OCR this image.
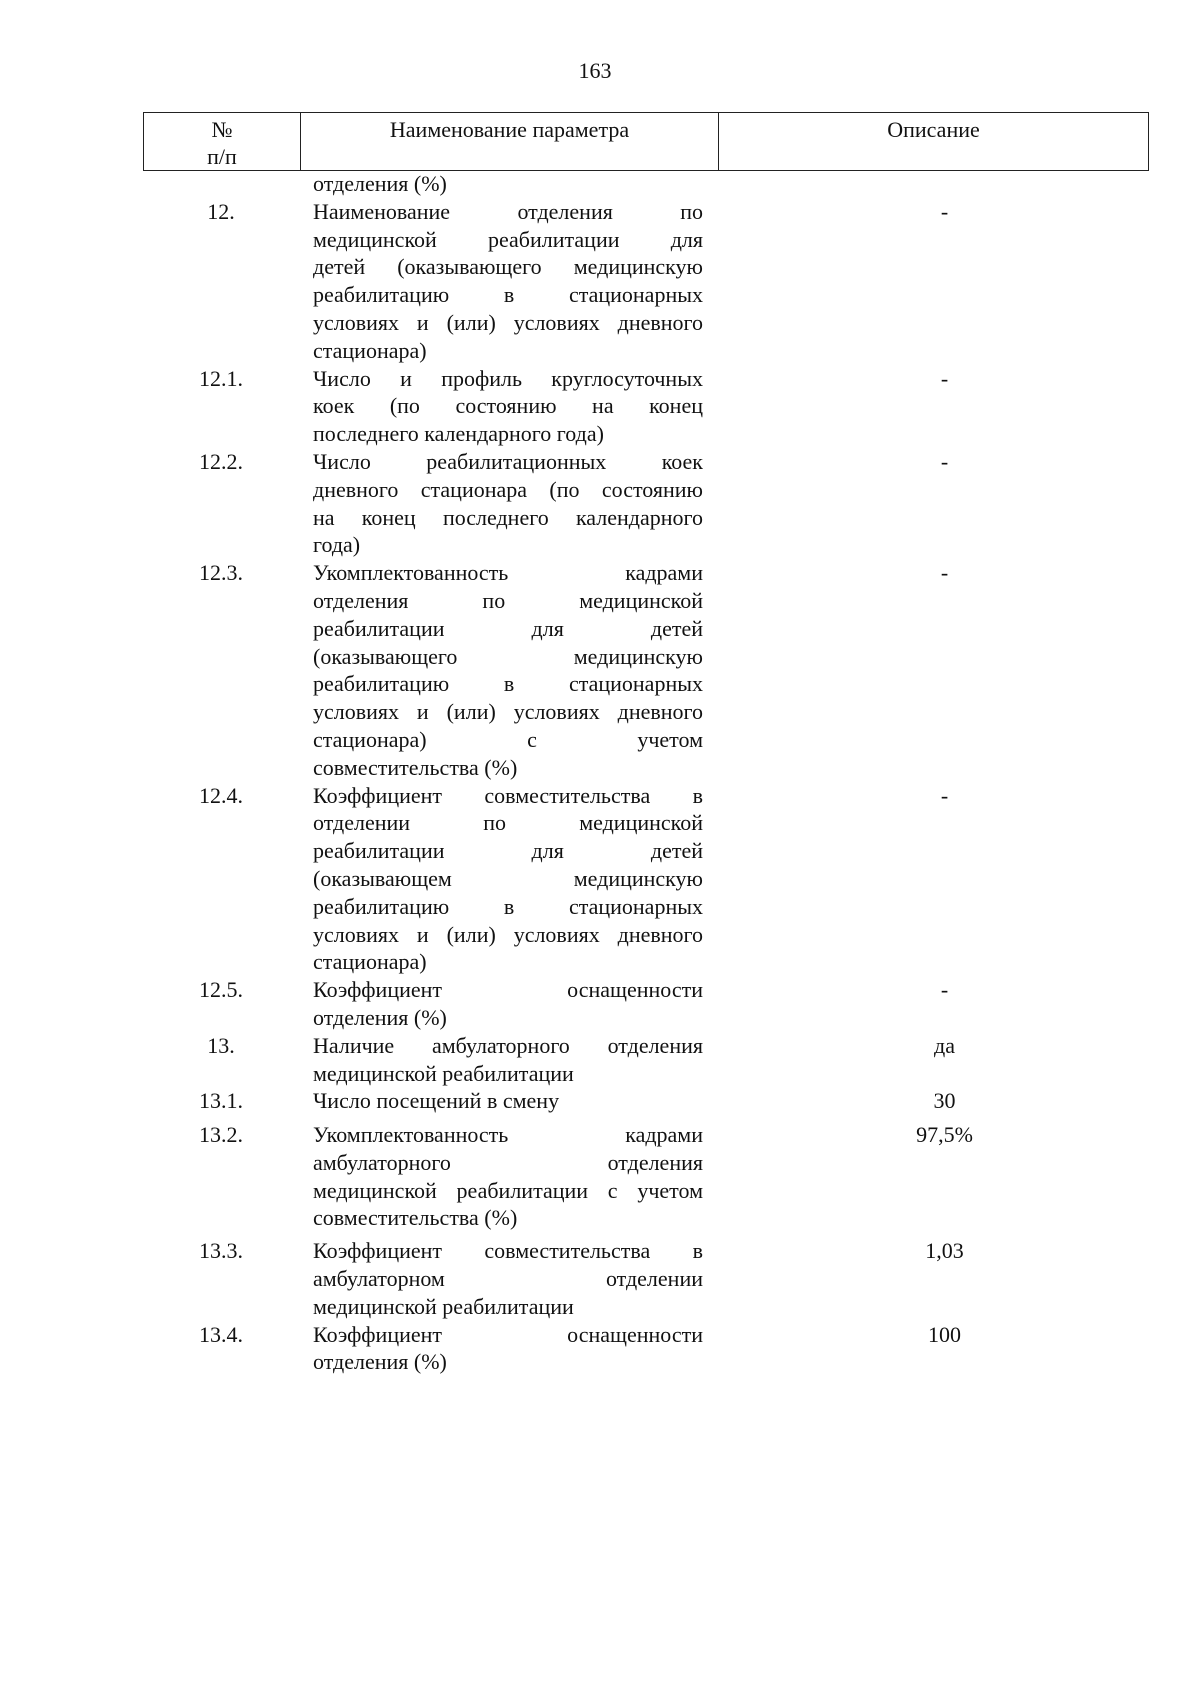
163
№
п/п

Наименование параметра	Описание
отделения (%)
12.	Наименование отделения по
медицинской реабилитации для
детей (оказывающего медицинскую
реабилитацию в стационарных
условиях и (или) условиях дневного
стационара)
-
12.1.	Число и профиль круглосуточных
коек (по состоянию на конец
последнего календарного года)
-
12.2.	Число реабилитационных коек
дневного стационара (по состоянию
на конец последнего календарного
года)
-
12.3.	Укомплектованность кадрами
отделения по медицинской
реабилитации для детей
(оказывающего медицинскую
реабилитацию в стационарных
условиях и (или) условиях дневного
стационара) с учетом
совместительства (%)
-
12.4.	Коэффициент совместительства в
отделении по медицинской
реабилитации для детей
(оказывающем медицинскую
реабилитацию в стационарных
условиях и (или) условиях дневного
стационара)
-
12.5.	Коэффициент оснащенности
отделения (%)
-
13.	Наличие амбулаторного отделения
медицинской реабилитации
да
13.1.	Число посещений в смену	30
13.2.	Укомплектованность кадрами
амбулаторного отделения
медицинской реабилитации с учетом
совместительства (%)
97,5%
13.3.	Коэффициент совместительства в
амбулаторном отделении
медицинской реабилитации
1,03
13.4.	Коэффициент оснащенности
отделения (%)
100
